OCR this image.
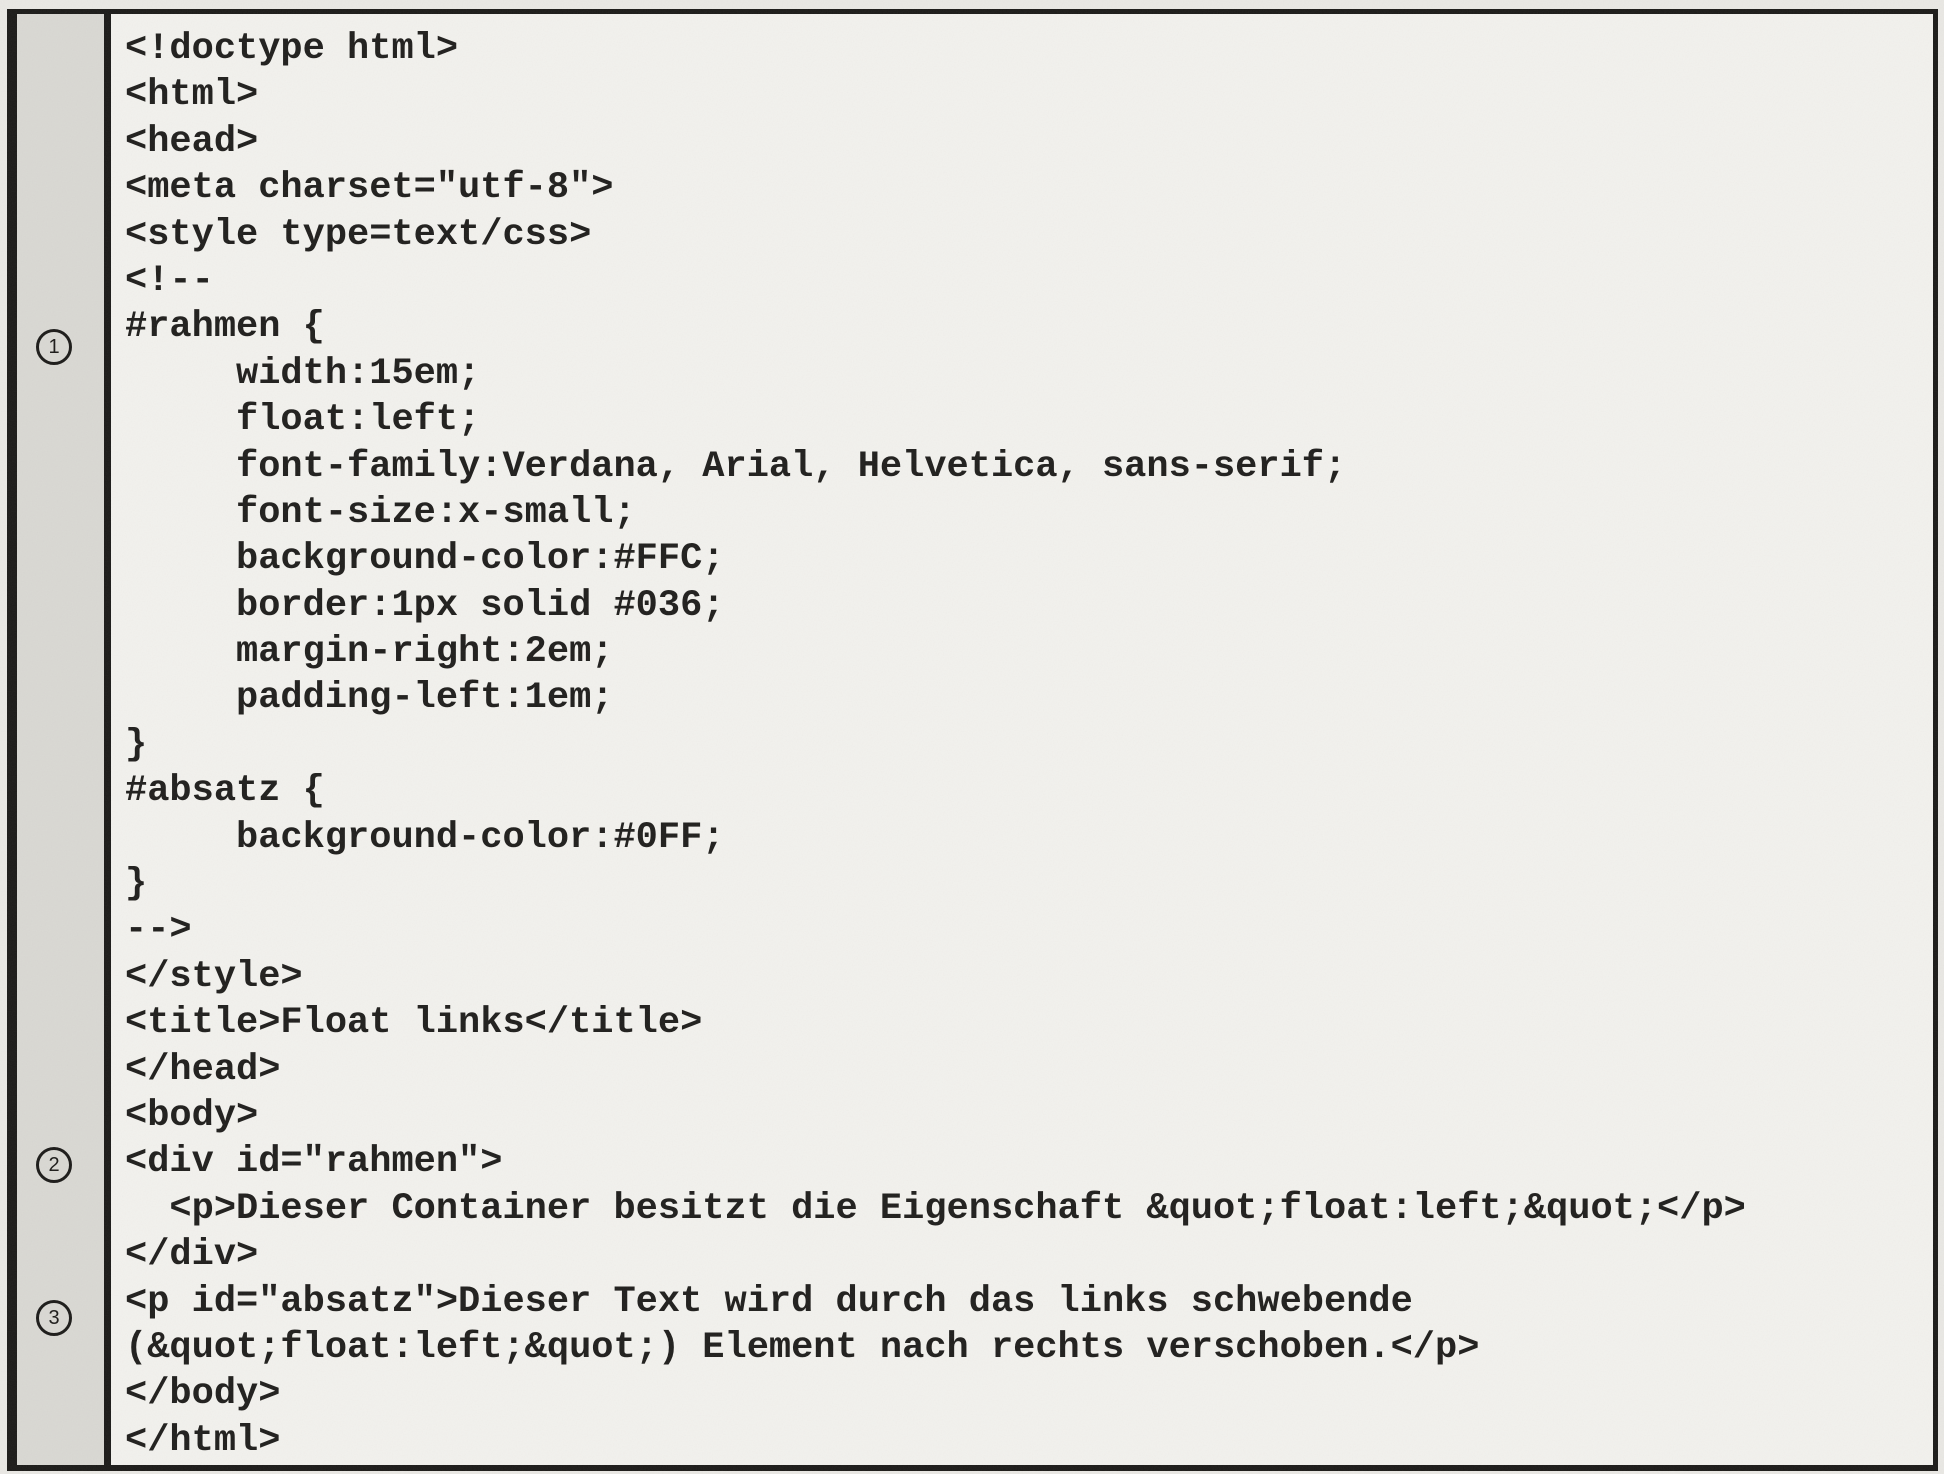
1
2
3
<!doctype html>
<html>
<head>
<meta charset="utf-8">
<style type=text/css>
<!--
#rahmen {
width:15em;
float:left;
font-family:Verdana, Arial, Helvetica, sans-serif;
font-size:x-small;
background-color:#FFC;
border:1px solid #036;
margin-right:2em;
padding-left:1em;
}
#absatz {
background-color:#0FF;
}
-->
</style>
<title>Float links</title>
</head>
<body>
<div id="rahmen">
<p>Dieser Container besitzt die Eigenschaft &quot;float:left;&quot;</p>
</div>
<p id="absatz">Dieser Text wird durch das links schwebende
(&quot;float:left;&quot;) Element nach rechts verschoben.</p>
</body>
</html>
